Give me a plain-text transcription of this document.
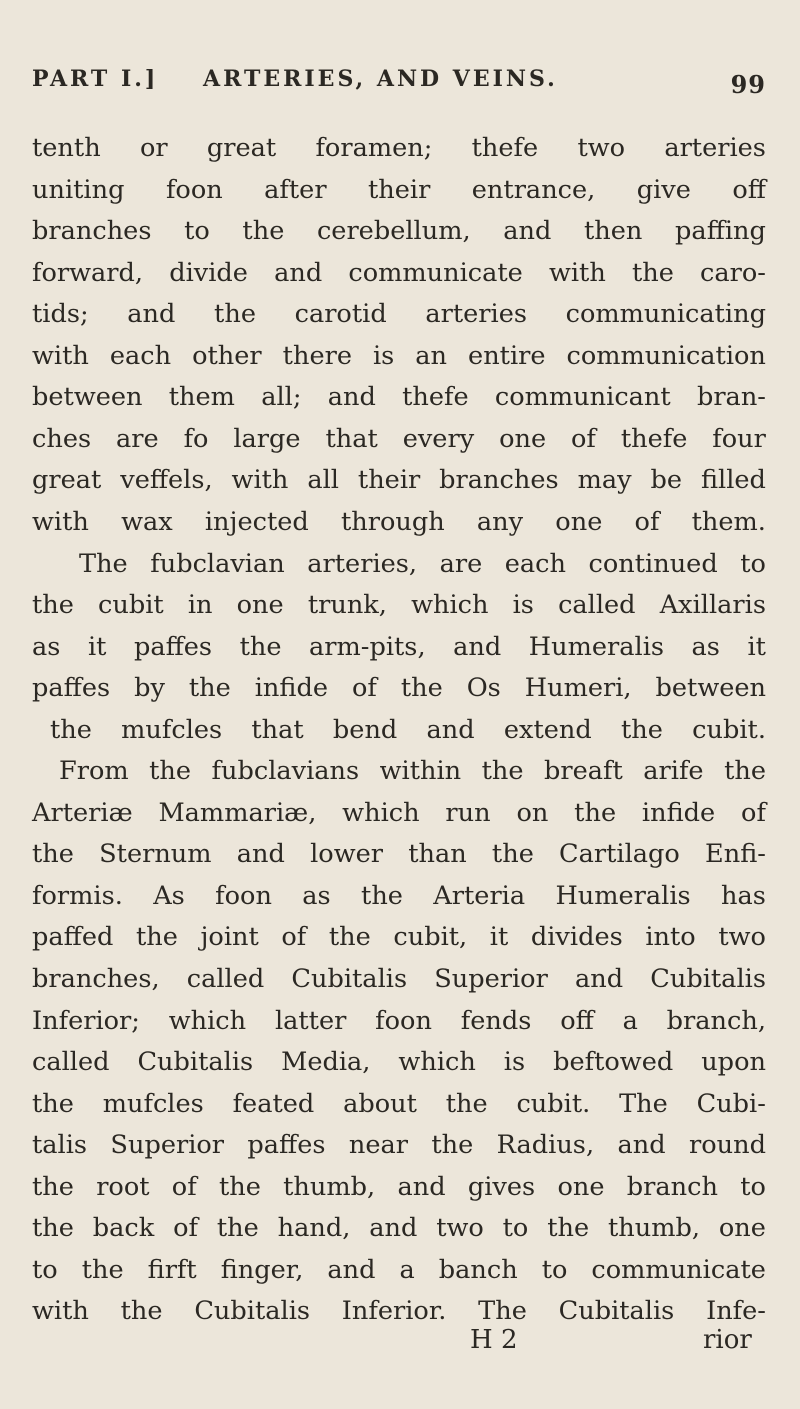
PART I.] ARTERIES, AND VEINS.	99
tenth or great foramen; thefe two arteries
uniting foon after their entrance, give off
branches to the cerebellum, and then paffing
forward, divide and communicate with the caro-
tids; and the carotid arteries communicating
with each other there is an entire communication
between them all; and thefe communicant bran-
ches are fo large that every one of thefe four
great veffels, with all their branches may be filled
with wax injected through any one of them.
The fubclavian arteries, are each continued to
the cubit in one trunk, which is called Axillaris
as it paffes the arm-pits, and Humeralis as it
paffes by the infide of the Os Humeri, between
the mufcles that bend and extend the cubit.
From the fubclavians within the breaft arife the
Arteriæ Mammariæ, which run on the infide of
the Sternum and lower than the Cartilago Enfi-
formis. As foon as the Arteria Humeralis has
paffed the joint of the cubit, it divides into two
branches, called Cubitalis Superior and Cubitalis
Inferior; which latter foon fends off a branch,
called Cubitalis Media, which is beftowed upon
the mufcles feated about the cubit. The Cubi-
talis Superior paffes near the Radius, and round
the root of the thumb, and gives one branch to
the back of the hand, and two to the thumb, one
to the firft finger, and a banch to communicate
with the Cubitalis Inferior. The Cubitalis Infe-
H 2	rior
